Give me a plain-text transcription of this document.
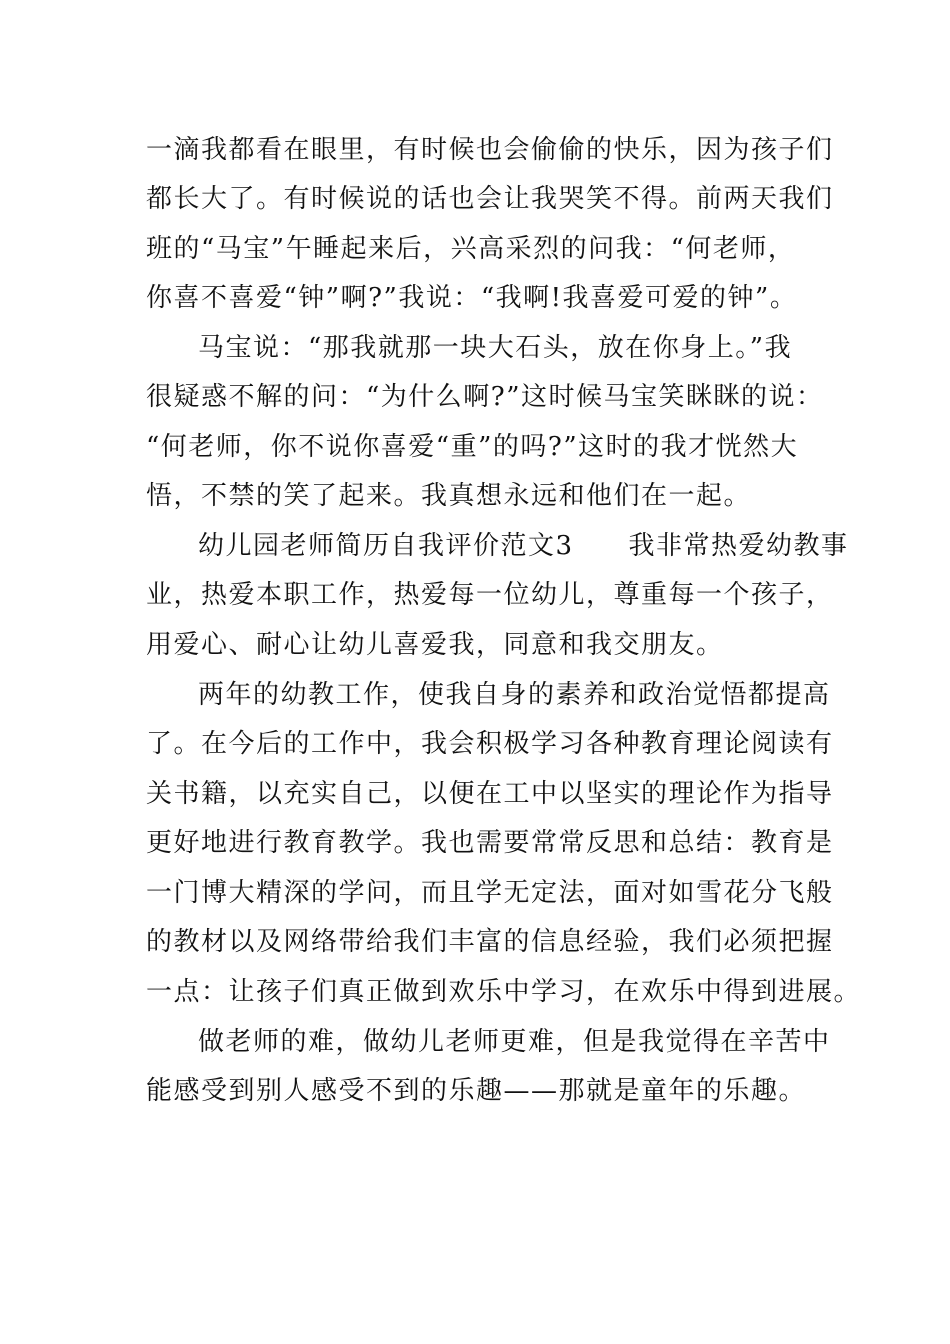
一滴我都看在眼里，有时候也会偷偷的快乐，因为孩子们
都长大了。有时候说的话也会让我哭笑不得。前两天我们
班的“马宝”午睡起来后，兴高采烈的问我：“何老师，
你喜不喜爱“钟”啊?”我说：“我啊!我喜爱可爱的钟”。
马宝说：“那我就那一块大石头，放在你身上。”我
很疑惑不解的问：“为什么啊?”这时候马宝笑眯眯的说：
“何老师，你不说你喜爱“重”的吗?”这时的我才恍然大
悟，不禁的笑了起来。我真想永远和他们在一起。
幼儿园老师简历自我评价范文3　　我非常热爱幼教事
业，热爱本职工作，热爱每一位幼儿，尊重每一个孩子，
用爱心、耐心让幼儿喜爱我，同意和我交朋友。
两年的幼教工作，使我自身的素养和政治觉悟都提高
了。在今后的工作中，我会积极学习各种教育理论阅读有
关书籍，以充实自己，以便在工中以坚实的理论作为指导
更好地进行教育教学。我也需要常常反思和总结：教育是
一门博大精深的学问，而且学无定法，面对如雪花分飞般
的教材以及网络带给我们丰富的信息经验，我们必须把握
一点：让孩子们真正做到欢乐中学习，在欢乐中得到进展。
做老师的难，做幼儿老师更难，但是我觉得在辛苦中
能感受到别人感受不到的乐趣——那就是童年的乐趣。
